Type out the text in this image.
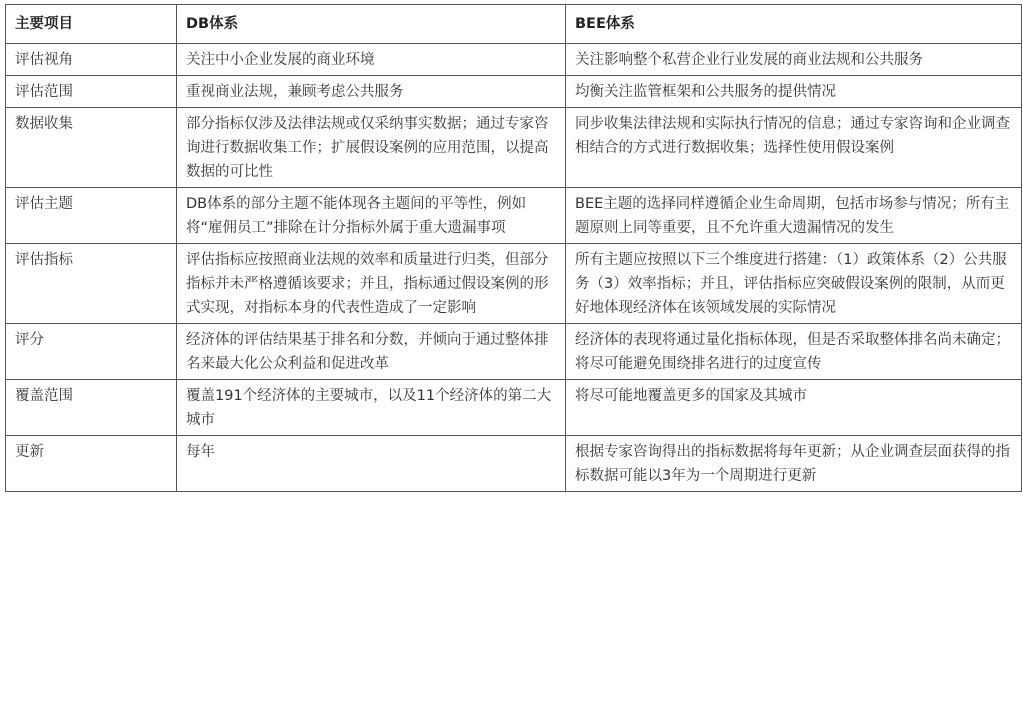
主要项目	DB体系	BEE体系
评估视角	关注中小企业发展的商业环境	关注影响整个私营企业行业发展的商业法规和公共服务
评估范围	重视商业法规，兼顾考虑公共服务	均衡关注监管框架和公共服务的提供情况
数据收集	部分指标仅涉及法律法规或仅采纳事实数据；通过专家咨询进行数据收集工作；扩展假设案例的应用范围，以提高数据的可比性	同步收集法律法规和实际执行情况的信息；通过专家咨询和企业调查相结合的方式进行数据收集；选择性使用假设案例
评估主题	DB体系的部分主题不能体现各主题间的平等性，例如将“雇佣员工”排除在计分指标外属于重大遗漏事项	BEE主题的选择同样遵循企业生命周期，包括市场参与情况；所有主题原则上同等重要，且不允许重大遗漏情况的发生
评估指标	评估指标应按照商业法规的效率和质量进行归类，但部分指标并未严格遵循该要求；并且，指标通过假设案例的形式实现，对指标本身的代表性造成了一定影响	所有主题应按照以下三个维度进行搭建：（1）政策体系（2）公共服务（3）效率指标；并且，评估指标应突破假设案例的限制，从而更好地体现经济体在该领域发展的实际情况
评分	经济体的评估结果基于排名和分数，并倾向于通过整体排名来最大化公众利益和促进改革	经济体的表现将通过量化指标体现，但是否采取整体排名尚未确定；将尽可能避免围绕排名进行的过度宣传
覆盖范围	覆盖191个经济体的主要城市，以及11个经济体的第二大城市	将尽可能地覆盖更多的国家及其城市
更新	每年	根据专家咨询得出的指标数据将每年更新；从企业调查层面获得的指标数据可能以3年为一个周期进行更新
